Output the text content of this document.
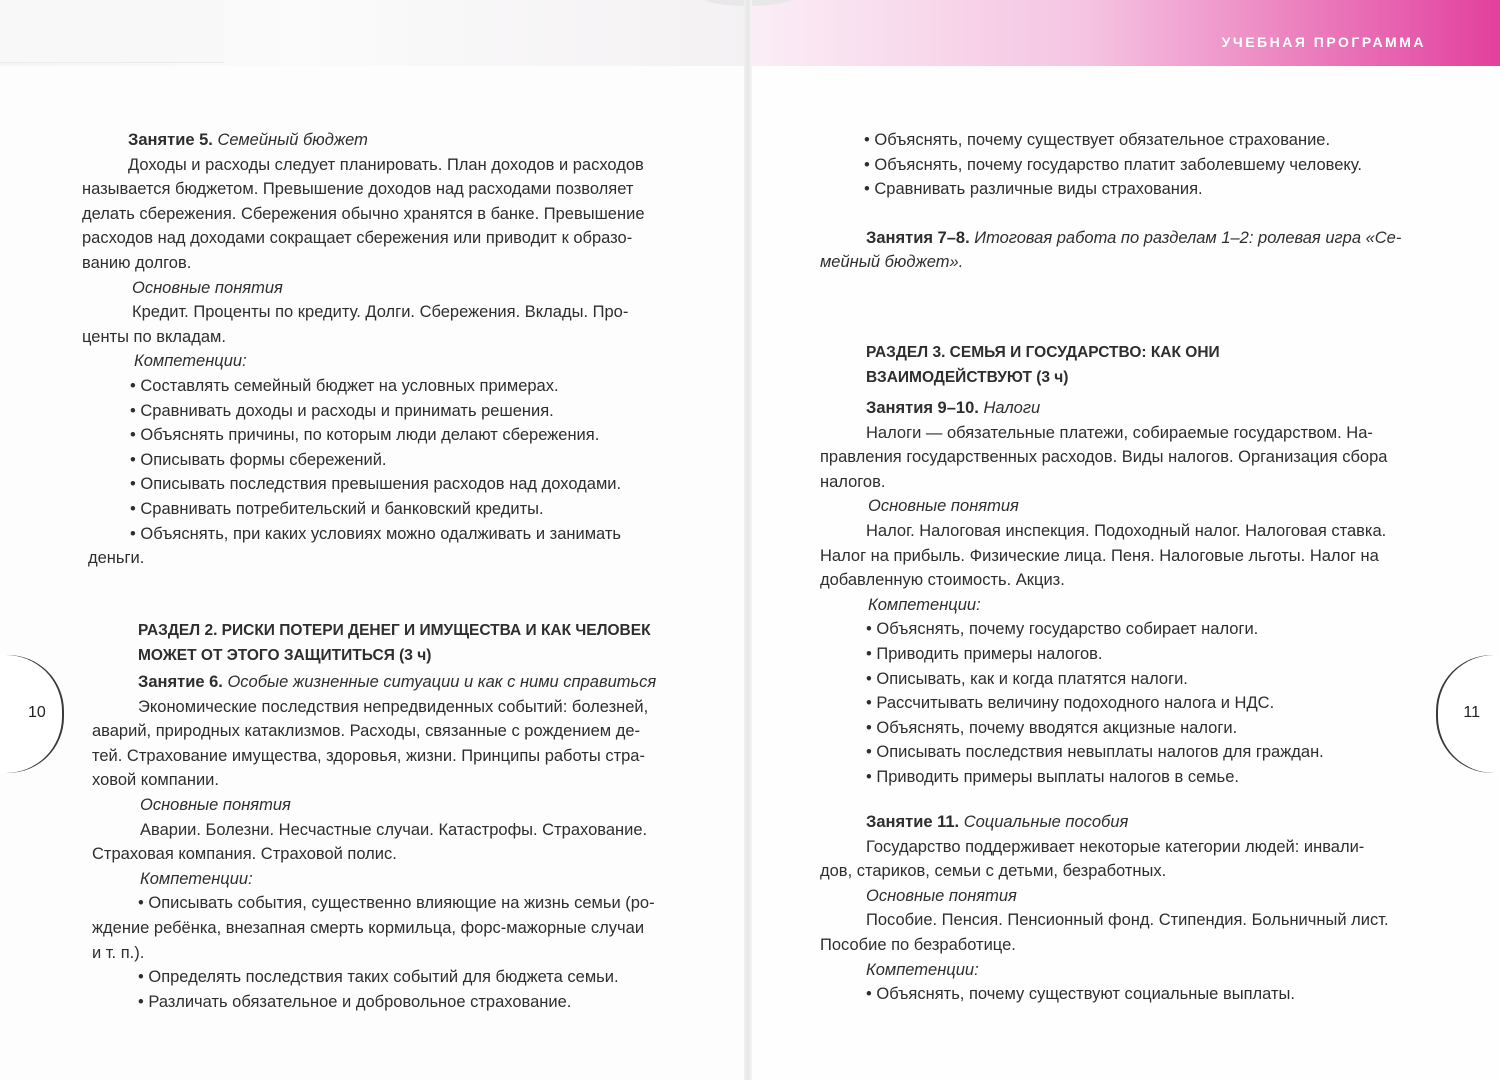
УЧЕБНАЯ ПРОГРАММА
10	11

Занятие 5. Семейный бюджет

Доходы и расходы следует планировать. План доходов и расходов

называется бюджетом. Превышение доходов над расходами позволяет

делать сбережения. Сбережения обычно хранятся в банке. Превышение

расходов над доходами сокращает сбережения или приводит к образо-

ванию долгов.

Основные понятия

Кредит. Проценты по кредиту. Долги. Сбережения. Вклады. Про-

центы по вкладам.

Компетенции:

• Составлять семейный бюджет на условных примерах.

• Сравнивать доходы и расходы и принимать решения.

• Объяснять причины, по которым люди делают сбережения.

• Описывать формы сбережений.

• Описывать последствия превышения расходов над доходами.

• Сравнивать потребительский и банковский кредиты.

• Объяснять, при каких условиях можно одалживать и занимать

деньги.

РАЗДЕЛ 2. РИСКИ ПОТЕРИ ДЕНЕГ И ИМУЩЕСТВА И КАК ЧЕЛОВЕК

МОЖЕТ ОТ ЭТОГО ЗАЩИТИТЬСЯ (3 ч)

Занятие 6. Особые жизненные ситуации и как с ними справиться

Экономические последствия непредвиденных событий: болезней,

аварий, природных катаклизмов. Расходы, связанные с рождением де-

тей. Страхование имущества, здоровья, жизни. Принципы работы стра-

ховой компании.

Основные понятия

Аварии. Болезни. Несчастные случаи. Катастрофы. Страхование.

Страховая компания. Страховой полис.

Компетенции:

• Описывать события, существенно влияющие на жизнь семьи (ро-

ждение ребёнка, внезапная смерть кормильца, форс-мажорные случаи

и т. п.).

• Определять последствия таких событий для бюджета семьи.

• Различать обязательное и добровольное страхование.

• Объяснять, почему существует обязательное страхование.

• Объяснять, почему государство платит заболевшему человеку.

• Сравнивать различные виды страхования.

Занятия 7–8. Итоговая работа по разделам 1–2: ролевая игра «Се-

мейный бюджет».

РАЗДЕЛ 3. СЕМЬЯ И ГОСУДАРСТВО: КАК ОНИ

ВЗАИМОДЕЙСТВУЮТ (3 ч)

Занятия 9–10. Налоги

Налоги — обязательные платежи, собираемые государством. На-

правления государственных расходов. Виды налогов. Организация сбора

налогов.

Основные понятия

Налог. Налоговая инспекция. Подоходный налог. Налоговая ставка.

Налог на прибыль. Физические лица. Пеня. Налоговые льготы. Налог на

добавленную стоимость. Акциз.

Компетенции:

• Объяснять, почему государство собирает налоги.

• Приводить примеры налогов.

• Описывать, как и когда платятся налоги.

• Рассчитывать величину подоходного налога и НДС.

• Объяснять, почему вводятся акцизные налоги.

• Описывать последствия невыплаты налогов для граждан.

• Приводить примеры выплаты налогов в семье.

Занятие 11. Социальные пособия

Государство поддерживает некоторые категории людей: инвали-

дов, стариков, семьи с детьми, безработных.

Основные понятия

Пособие. Пенсия. Пенсионный фонд. Стипендия. Больничный лист.

Пособие по безработице.

Компетенции:

• Объяснять, почему существуют социальные выплаты.
